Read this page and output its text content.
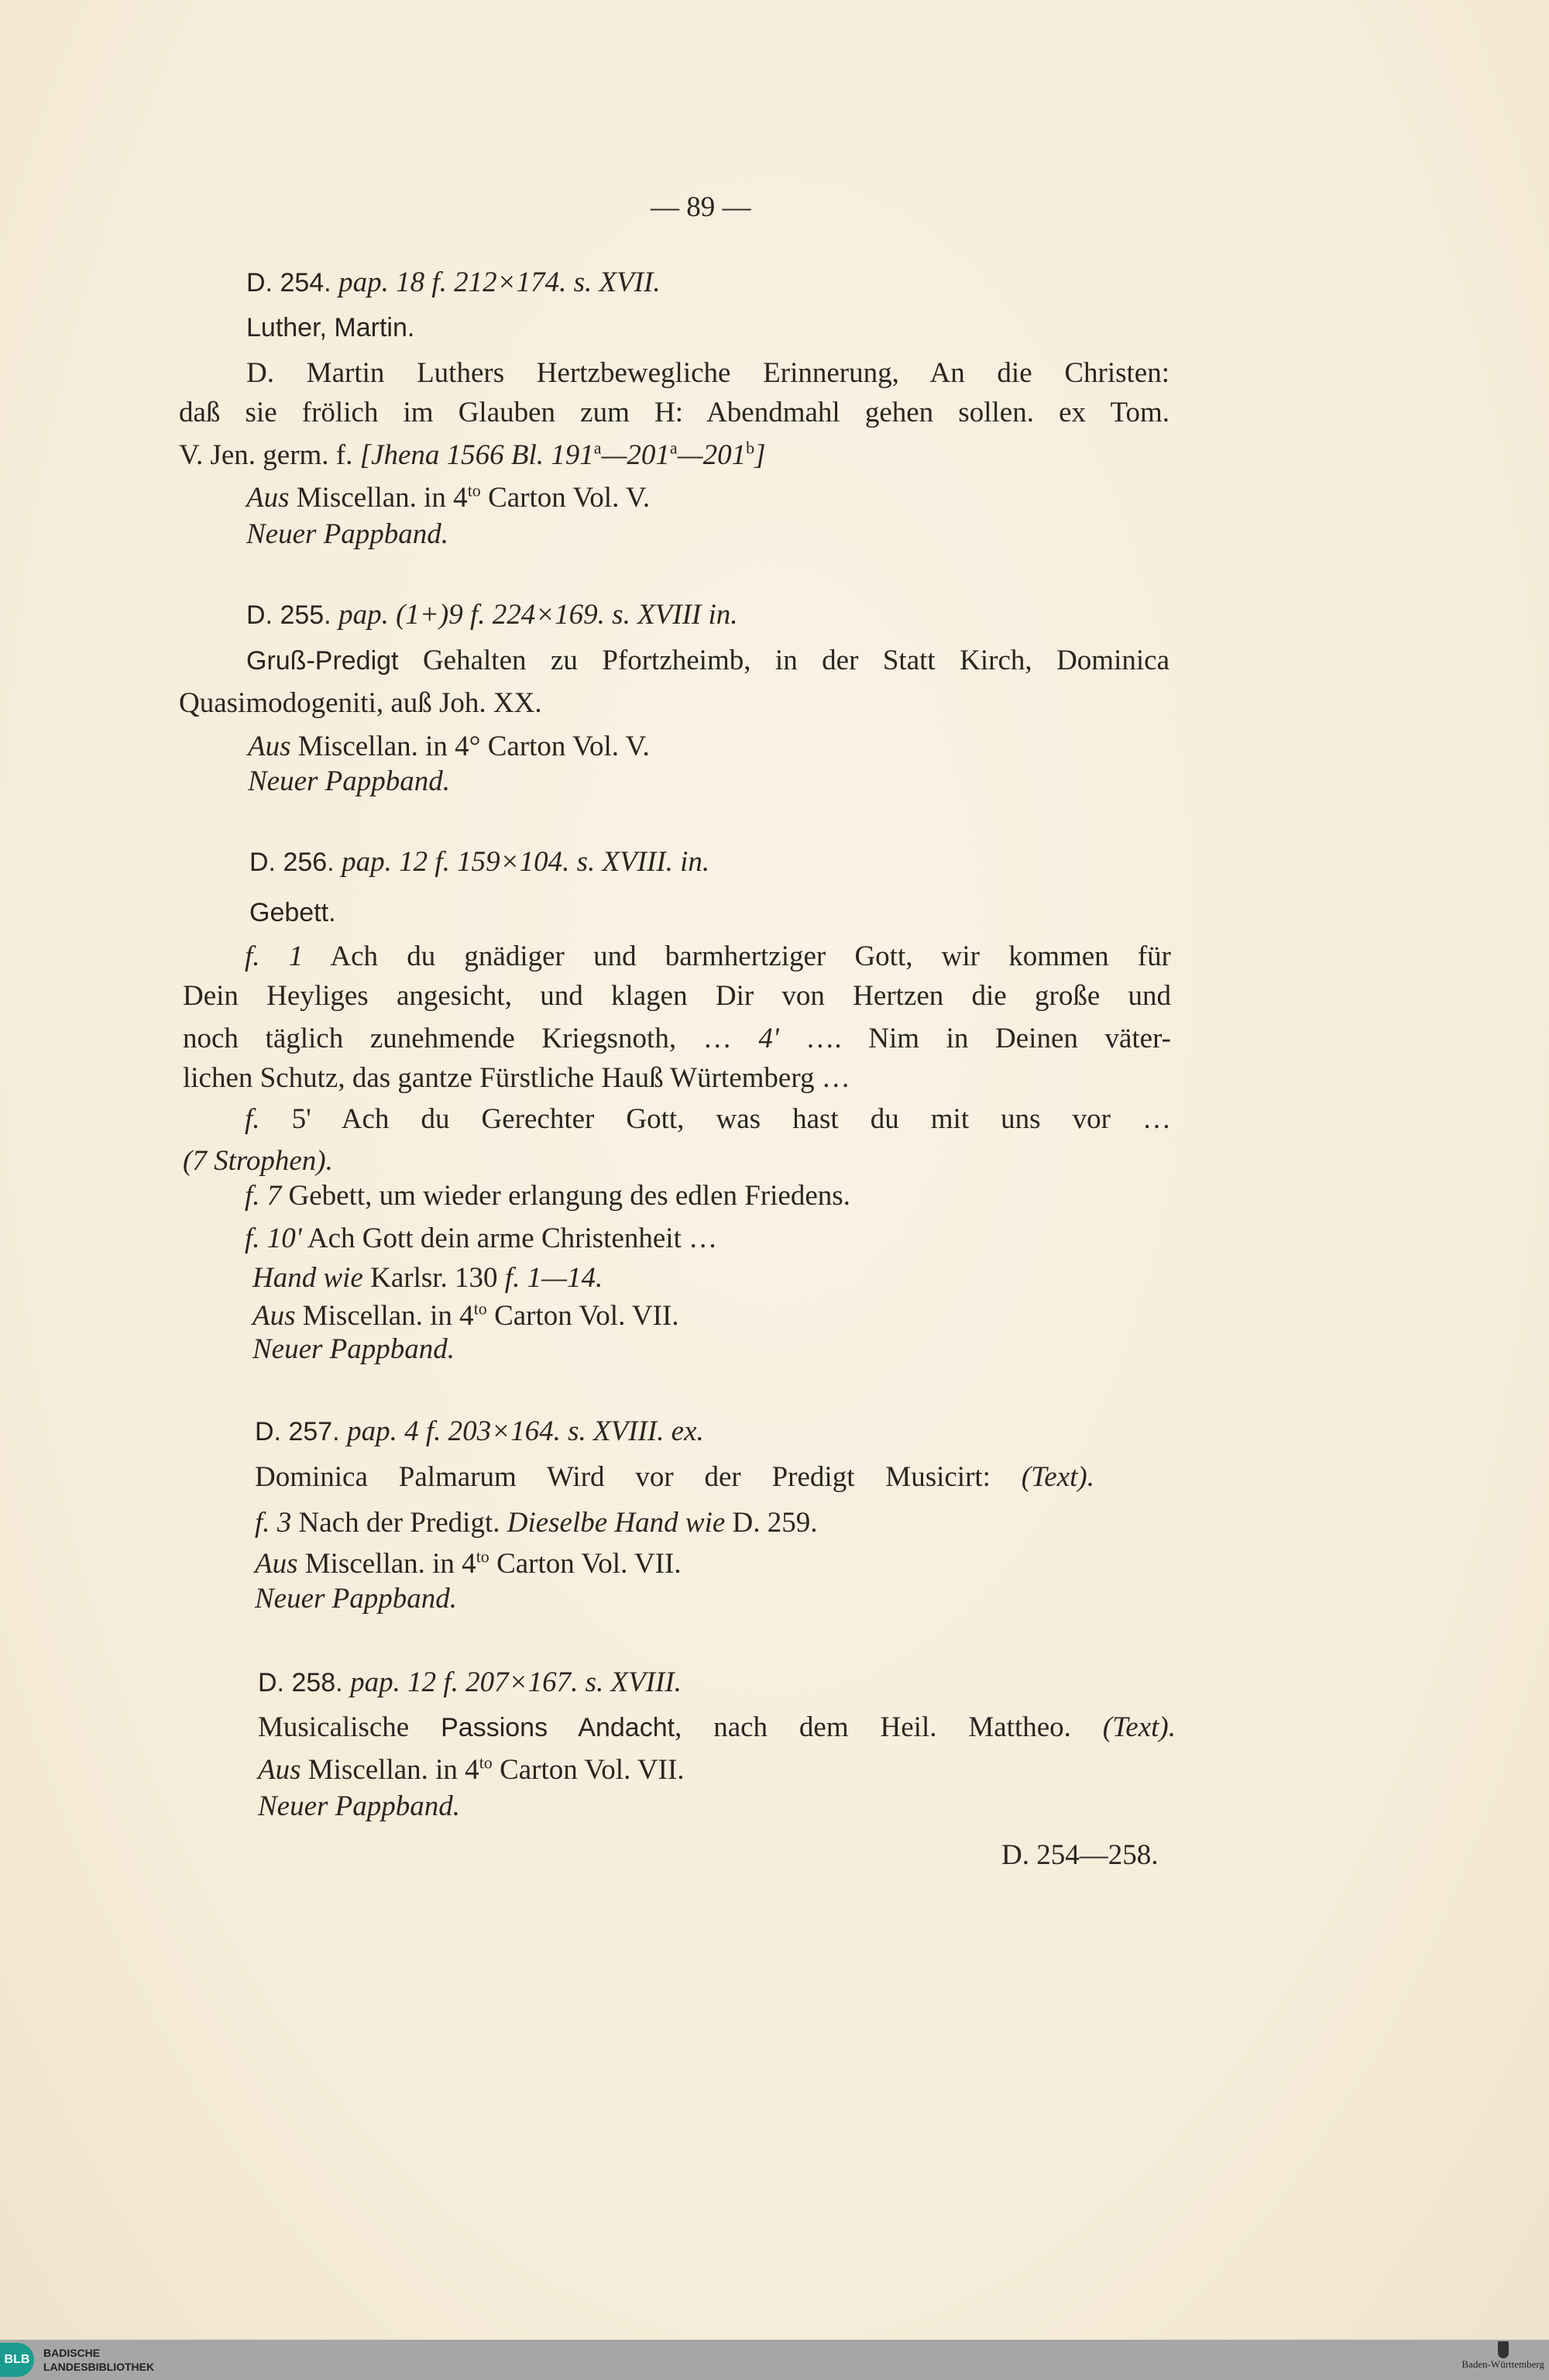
— 89 —
D. 254. pap. 18 f. 212×174. s. XVII.
Luther, Martin.
D. Martin Luthers Hertzbewegliche Erinnerung, An die Christen:
daß sie frölich im Glauben zum H: Abendmahl gehen sollen. ex Tom.
V. Jen. germ. f. [Jhena 1566 Bl. 191$^a$—201$^a$—201$^b$]
Aus Miscellan. in $4^{to}$ Carton Vol. V.
Neuer Pappband.
D. 255. pap. (1+)9 f. 224×169. s. XVIII in.
Gruß-Predigt Gehalten zu Pfortzheimb, in der Statt Kirch, Dominica
Quasimodogeniti, auß Joh. XX.
Aus Miscellan. in 4° Carton Vol. V.
Neuer Pappband.
D. 256. pap. 12 f. 159×104. s. XVIII. in.
Gebett.
f. 1 Ach du gnädiger und barmhertziger Gott, wir kommen für
Dein Heyliges angesicht, und klagen Dir von Hertzen die große und
noch täglich zunehmende Kriegsnoth, … 4' …. Nim in Deinen väter-
lichen Schutz, das gantze Fürstliche Hauß Würtemberg …
f. 5' Ach du Gerechter Gott, was hast du mit uns vor …
(7 Strophen).
f. 7 Gebett, um wieder erlangung des edlen Friedens.
f. 10' Ach Gott dein arme Christenheit …
Hand wie Karlsr. 130 f. 1—14.
Aus Miscellan. in $4^{to}$ Carton Vol. VII.
Neuer Pappband.
D. 257. pap. 4 f. 203×164. s. XVIII. ex.
Dominica Palmarum Wird vor der Predigt Musicirt: (Text).
f. 3 Nach der Predigt. Dieselbe Hand wie D. 259.
Aus Miscellan. in $4^{to}$ Carton Vol. VII.
Neuer Pappband.
D. 258. pap. 12 f. 207×167. s. XVIII.
Musicalische Passions Andacht, nach dem Heil. Mattheo. (Text).
Aus Miscellan. in $4^{to}$ Carton Vol. VII.
Neuer Pappband.
D. 254—258.
BLB	BADISCHE
LANDESBIBLIOTHEK	Baden-Württemberg
